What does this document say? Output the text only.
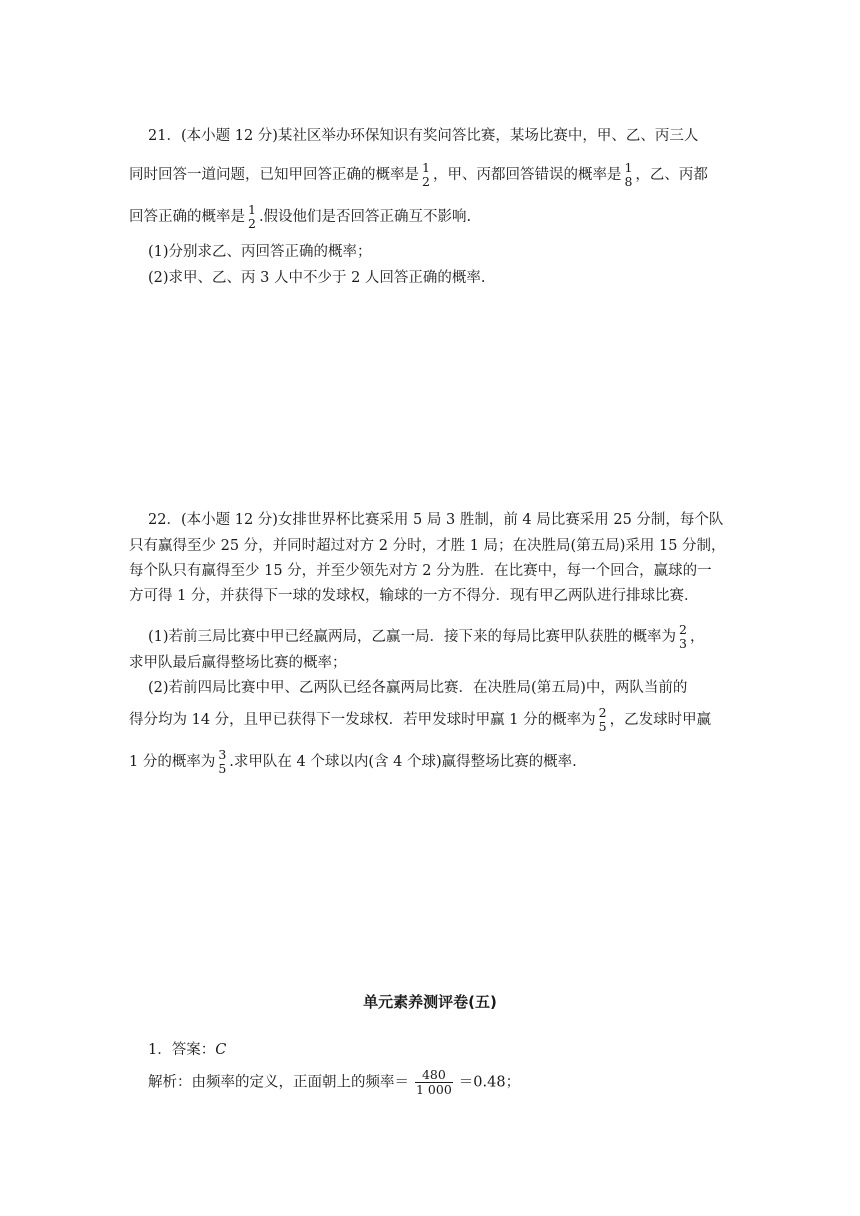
21．(本小题 12 分)某社区举办环保知识有奖问答比赛，某场比赛中，甲、乙、丙三人
同时回答一道问题，已知甲回答正确的概率是 1
2 ，甲、丙都回答错误的概率是 1
8 ，乙、丙都
回答正确的概率是 1
2 .假设他们是否回答正确互不影响.
(1)分别求乙、丙回答正确的概率；
(2)求甲、乙、丙 3 人中不少于 2 人回答正确的概率.
22．(本小题 12 分)女排世界杯比赛采用 5 局 3 胜制，前 4 局比赛采用 25 分制，每个队
只有赢得至少 25 分，并同时超过对方 2 分时，才胜 1 局；在决胜局(第五局)采用 15 分制，
每个队只有赢得至少 15 分，并至少领先对方 2 分为胜．在比赛中，每一个回合，赢球的一
方可得 1 分，并获得下一球的发球权，输球的一方不得分．现有甲乙两队进行排球比赛．
(1)若前三局比赛中甲已经赢两局，乙赢一局．接下来的每局比赛甲队获胜的概率为 2
3 ，
求甲队最后赢得整场比赛的概率；
(2)若前四局比赛中甲、乙两队已经各赢两局比赛．在决胜局(第五局)中，两队当前的
得分均为 14 分，且甲已获得下一发球权．若甲发球时甲赢 1 分的概率为 2
5 ，乙发球时甲赢
1 分的概率为 3
5 .求甲队在 4 个球以内(含 4 个球)赢得整场比赛的概率.
单元素养测评卷(五)
1．答案：C
解析：由频率的定义，正面朝上的频率＝ $\frac{480}{1 000} =0.48$；
